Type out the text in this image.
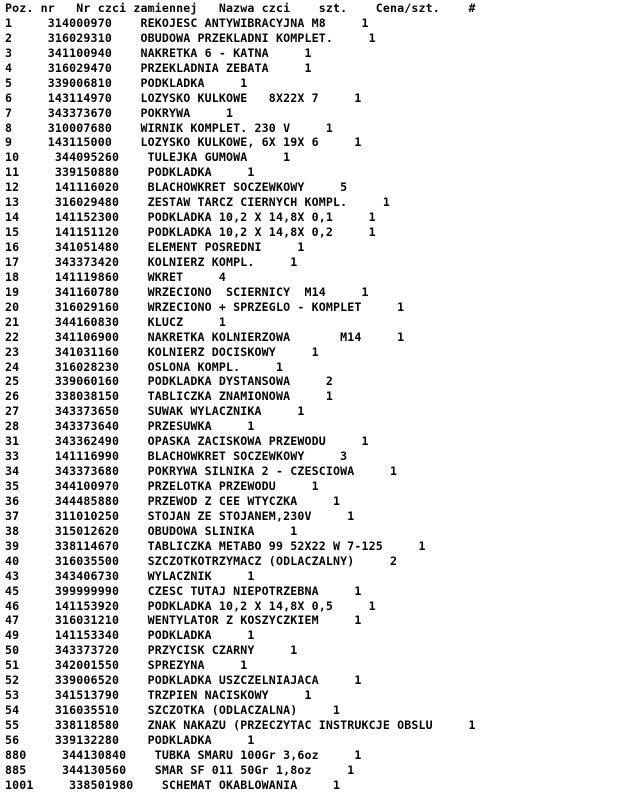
Poz. nr   Nr czci zamiennej   Nazwa czci    szt.    Cena/szt.    #
1     314000970    REKOJESC ANTYWIBRACYJNA M8     1
2     316029310    OBUDOWA PRZEKLADNI KOMPLET.     1
3     341100940    NAKRETKA 6 - KATNA     1
4     316029470    PRZEKLADNIA ZEBATA     1
5     339006810    PODKLADKA     1
6     143114970    LOZYSKO KULKOWE   8X22X 7     1
7     343373670    POKRYWA     1
8     310007680    WIRNIK KOMPLET. 230 V     1
9     143115000    LOZYSKO KULKOWE, 6X 19X 6     1
10     344095260    TULEJKA GUMOWA     1
11     339150880    PODKLADKA     1
12     141116020    BLACHOWKRET SOCZEWKOWY     5
13     316029480    ZESTAW TARCZ CIERNYCH KOMPL.     1
14     141152300    PODKLADKA 10,2 X 14,8X 0,1     1
15     141151120    PODKLADKA 10,2 X 14,8X 0,2     1
16     341051480    ELEMENT POSREDNI     1
17     343373420    KOLNIERZ KOMPL.     1
18     141119860    WKRET     4
19     341160780    WRZECIONO  SCIERNICY  M14     1
20     316029160    WRZECIONO + SPRZEGLO - KOMPLET     1
21     344160830    KLUCZ     1
22     341106900    NAKRETKA KOLNIERZOWA       M14     1
23     341031160    KOLNIERZ DOCISKOWY     1
24     316028230    OSLONA KOMPL.     1
25     339060160    PODKLADKA DYSTANSOWA     2
26     338038150    TABLICZKA ZNAMIONOWA     1
27     343373650    SUWAK WYLACZNIKA     1
28     343373640    PRZESUWKA     1
31     343362490    OPASKA ZACISKOWA PRZEWODU     1
33     141116990    BLACHOWKRET SOCZEWKOWY     3
34     343373680    POKRYWA SILNIKA 2 - CZESCIOWA     1
35     344100970    PRZELOTKA PRZEWODU     1
36     344485880    PRZEWOD Z CEE WTYCZKA     1
37     311010250    STOJAN ZE STOJANEM,230V     1
38     315012620    OBUDOWA SLINIKA     1
39     338114670    TABLICZKA METABO 99 52X22 W 7-125     1
40     316035500    SZCZOTKOTRZYMACZ (ODLACZALNY)     2
43     343406730    WYLACZNIK     1
45     399999990    CZESC TUTAJ NIEPOTRZEBNA     1
46     141153920    PODKLADKA 10,2 X 14,8X 0,5     1
47     316031210    WENTYLATOR Z KOSZYCZKIEM     1
49     141153340    PODKLADKA     1
50     343373720    PRZYCISK CZARNY     1
51     342001550    SPREZYNA     1
52     339006520    PODKLADKA USZCZELNIAJACA     1
53     341513790    TRZPIEN NACISKOWY     1
54     316035510    SZCZOTKA (ODLACZALNA)     1
55     338118580    ZNAK NAKAZU (PRZECZYTAC INSTRUKCJE OBSLU     1
56     339132280    PODKLADKA     1
880     344130840    TUBKA SMARU 100Gr 3,6oz     1
885     344130560    SMAR SF 011 50Gr 1,8oz     1
1001     338501980    SCHEMAT OKABLOWANIA     1
